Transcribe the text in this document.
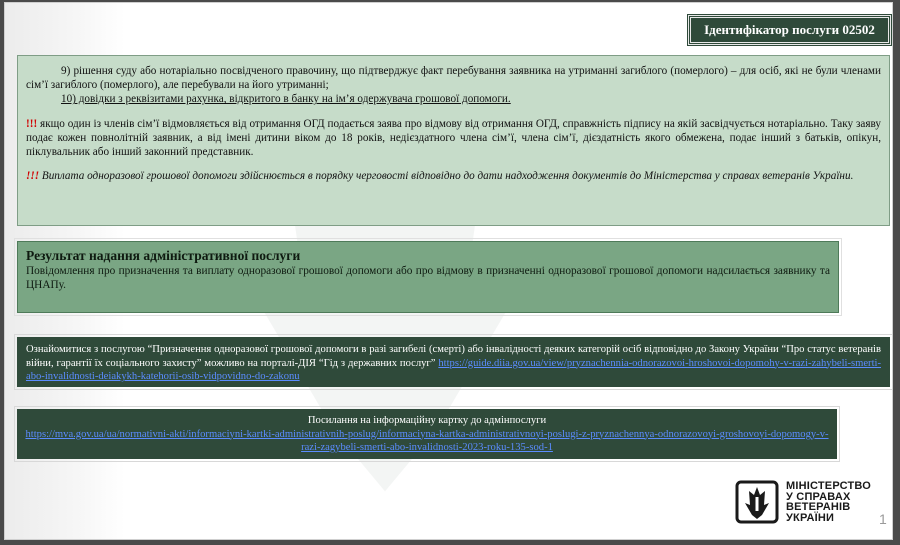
Ідентифікатор послуги 02502

9) рішення суду або нотаріально посвідченого правочину, що підтверджує факт перебування заявника на утриманні загиблого (померлого) – для осіб, які не були членами сім’ї загиблого (померлого), але перебували на його утриманні;

10) довідки з реквізитами рахунка, відкритого в банку на ім’я одержувача грошової допомоги.

!!! якщо один із членів сім’ї відмовляється від отримання ОГД подається заява про відмову від отримання ОГД, справжність підпису на якій засвідчується нотаріально. Таку заяву подає кожен повнолітній заявник, а від імені дитини віком до 18 років, недієздатного члена сім’ї, члена сім’ї, дієздатність якого обмежена, подає інший з батьків, опікун, піклувальник або інший законний представник.

!!! Виплата одноразової грошової допомоги здійснюється в порядку черговості відповідно до дати надходження документів до Міністерства у справах ветеранів України.

Результат надання адміністративної послуги

Повідомлення про призначення та виплату одноразової грошової допомоги або про відмову в призначенні одноразової грошової допомоги надсилається заявнику та ЦНАПу.

Ознайомитися з послугою “Призначення одноразової грошової допомоги в разі загибелі (смерті) або інвалідності деяких категорій осіб відповідно до Закону України “Про статус ветеранів війни, гарантії їх соціального захисту” можливо на порталі-ДІЯ “Гід з державних послуг” https://guide.diia.gov.ua/view/pryznachennia-odnorazovoi-hroshovoi-dopomohy-v-razi-zahybeli-smerti-abo-invalidnosti-deiakykh-katehorii-osib-vidpovidno-do-zakonu
Посилання на інформаційну картку до адмінпослуги
https://mva.gov.ua/ua/normativni-akti/informaciyni-kartki-administrativnih-poslug/informaciyna-kartka-administrativnoyi-poslugi-z-pryznachennya-odnorazovoyi-groshovoyi-dopomogy-v-razi-zagybeli-smerti-abo-invalidnosti-2023-roku-135-sod-1
МІНІСТЕРСТВО
У СПРАВАХ
ВЕТЕРАНІВ
УКРАЇНИ	1
